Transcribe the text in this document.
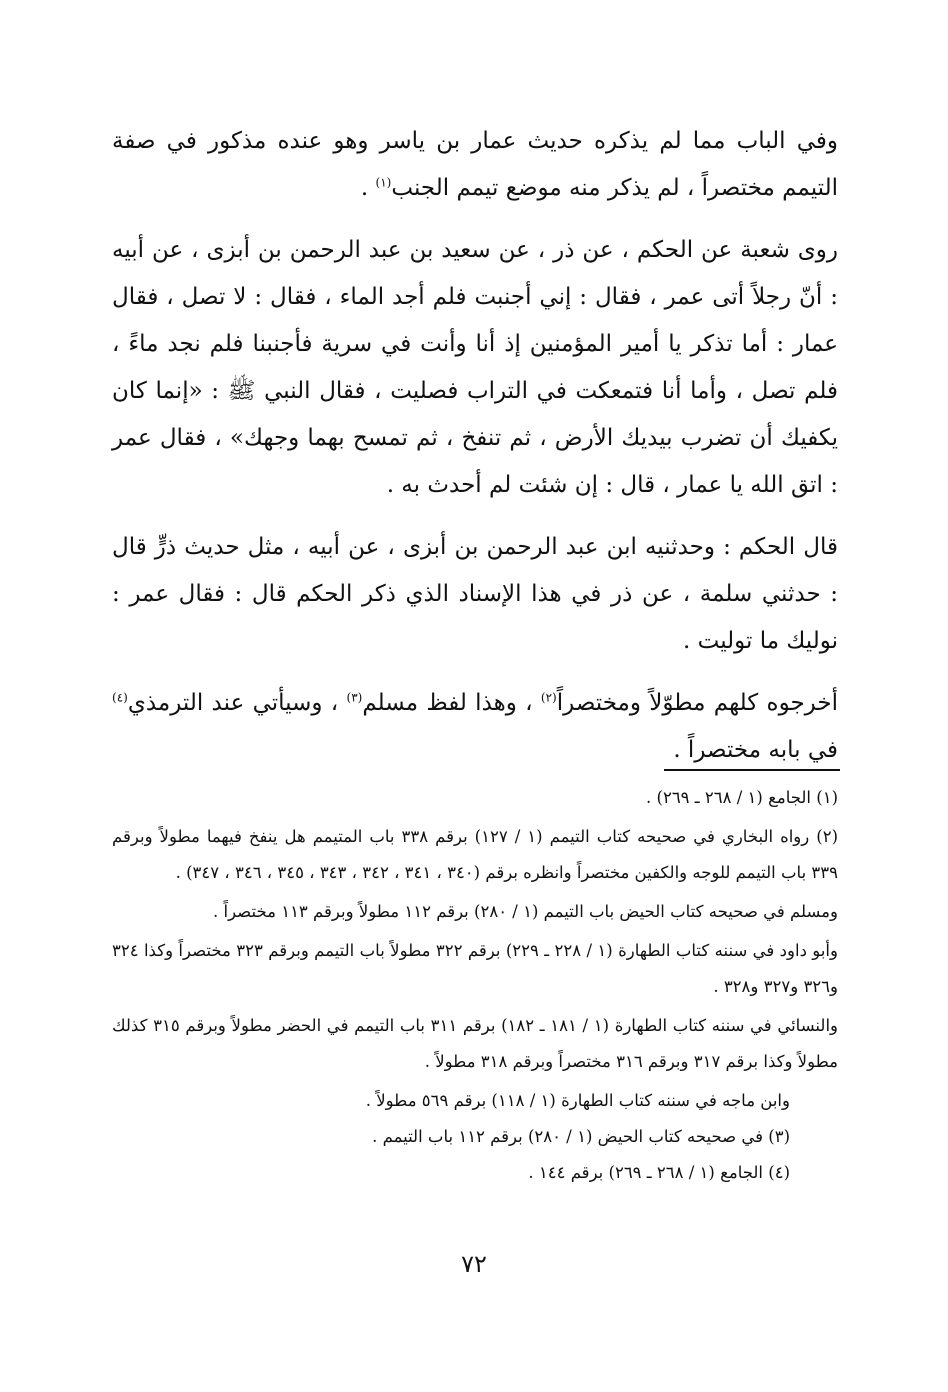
وفي الباب مما لم يذكره حديث عمار بن ياسر وهو عنده مذكور في صفة التيمم مختصراً ، لم يذكر منه موضع تيمم الجنب$^{(١)}$ .

روى شعبة عن الحكم ، عن ذر ، عن سعيد بن عبد الرحمن بن أبزى ، عن أبيه : أنّ رجلاً أتى عمر ، فقال : إني أجنبت فلم أجد الماء ، فقال : لا تصل ، فقال عمار : أما تذكر يا أمير المؤمنين إذ أنا وأنت في سرية فأجنبنا فلم نجد ماءً ، فلم تصل ، وأما أنا فتمعكت في التراب فصليت ، فقال النبي ﷺ : «إنما كان يكفيك أن تضرب بيديك الأرض ، ثم تنفخ ، ثم تمسح بهما وجهك» ، فقال عمر : اتق الله يا عمار ، قال : إن شئت لم أحدث به .

قال الحكم : وحدثنيه ابن عبد الرحمن بن أبزى ، عن أبيه ، مثل حديث ذرٍّ قال : حدثني سلمة ، عن ذر في هذا الإسناد الذي ذكر الحكم قال : فقال عمر : نوليك ما توليت .

أخرجوه كلهم مطوّلاً ومختصراً$^{(٢)}$ ، وهذا لفظ مسلم$^{(٣)}$ ، وسيأتي عند الترمذي$^{(٤)}$ في بابه مختصراً .

(١) الجامع (١ / ٢٦٨ ـ ٢٦٩) .

(٢) رواه البخاري في صحيحه كتاب التيمم (١ / ١٢٧) برقم ٣٣٨ باب المتيمم هل ينفخ فيهما مطولاً وبرقم ٣٣٩ باب التيمم للوجه والكفين مختصراً وانظره برقم (٣٤٠ ، ٣٤١ ، ٣٤٢ ، ٣٤٣ ، ٣٤٥ ، ٣٤٦ ، ٣٤٧) .

ومسلم في صحيحه كتاب الحيض باب التيمم (١ / ٢٨٠) برقم ١١٢ مطولاً وبرقم ١١٣ مختصراً .

وأبو داود في سننه كتاب الطهارة (١ / ٢٢٨ ـ ٢٢٩) برقم ٣٢٢ مطولاً باب التيمم وبرقم ٣٢٣ مختصراً وكذا ٣٢٤ و٣٢٦ و٣٢٧ و٣٢٨ .

والنسائي في سننه كتاب الطهارة (١ / ١٨١ ـ ١٨٢) برقم ٣١١ باب التيمم في الحضر مطولاً وبرقم ٣١٥ كذلك مطولاً وكذا برقم ٣١٧ وبرقم ٣١٦ مختصراً وبرقم ٣١٨ مطولاً .

وابن ماجه في سننه كتاب الطهارة (١ / ١١٨) برقم ٥٦٩ مطولاً .

(٣) في صحيحه كتاب الحيض (١ / ٢٨٠) برقم ١١٢ باب التيمم .

(٤) الجامع (١ / ٢٦٨ ـ ٢٦٩) برقم ١٤٤ .

٧٢
